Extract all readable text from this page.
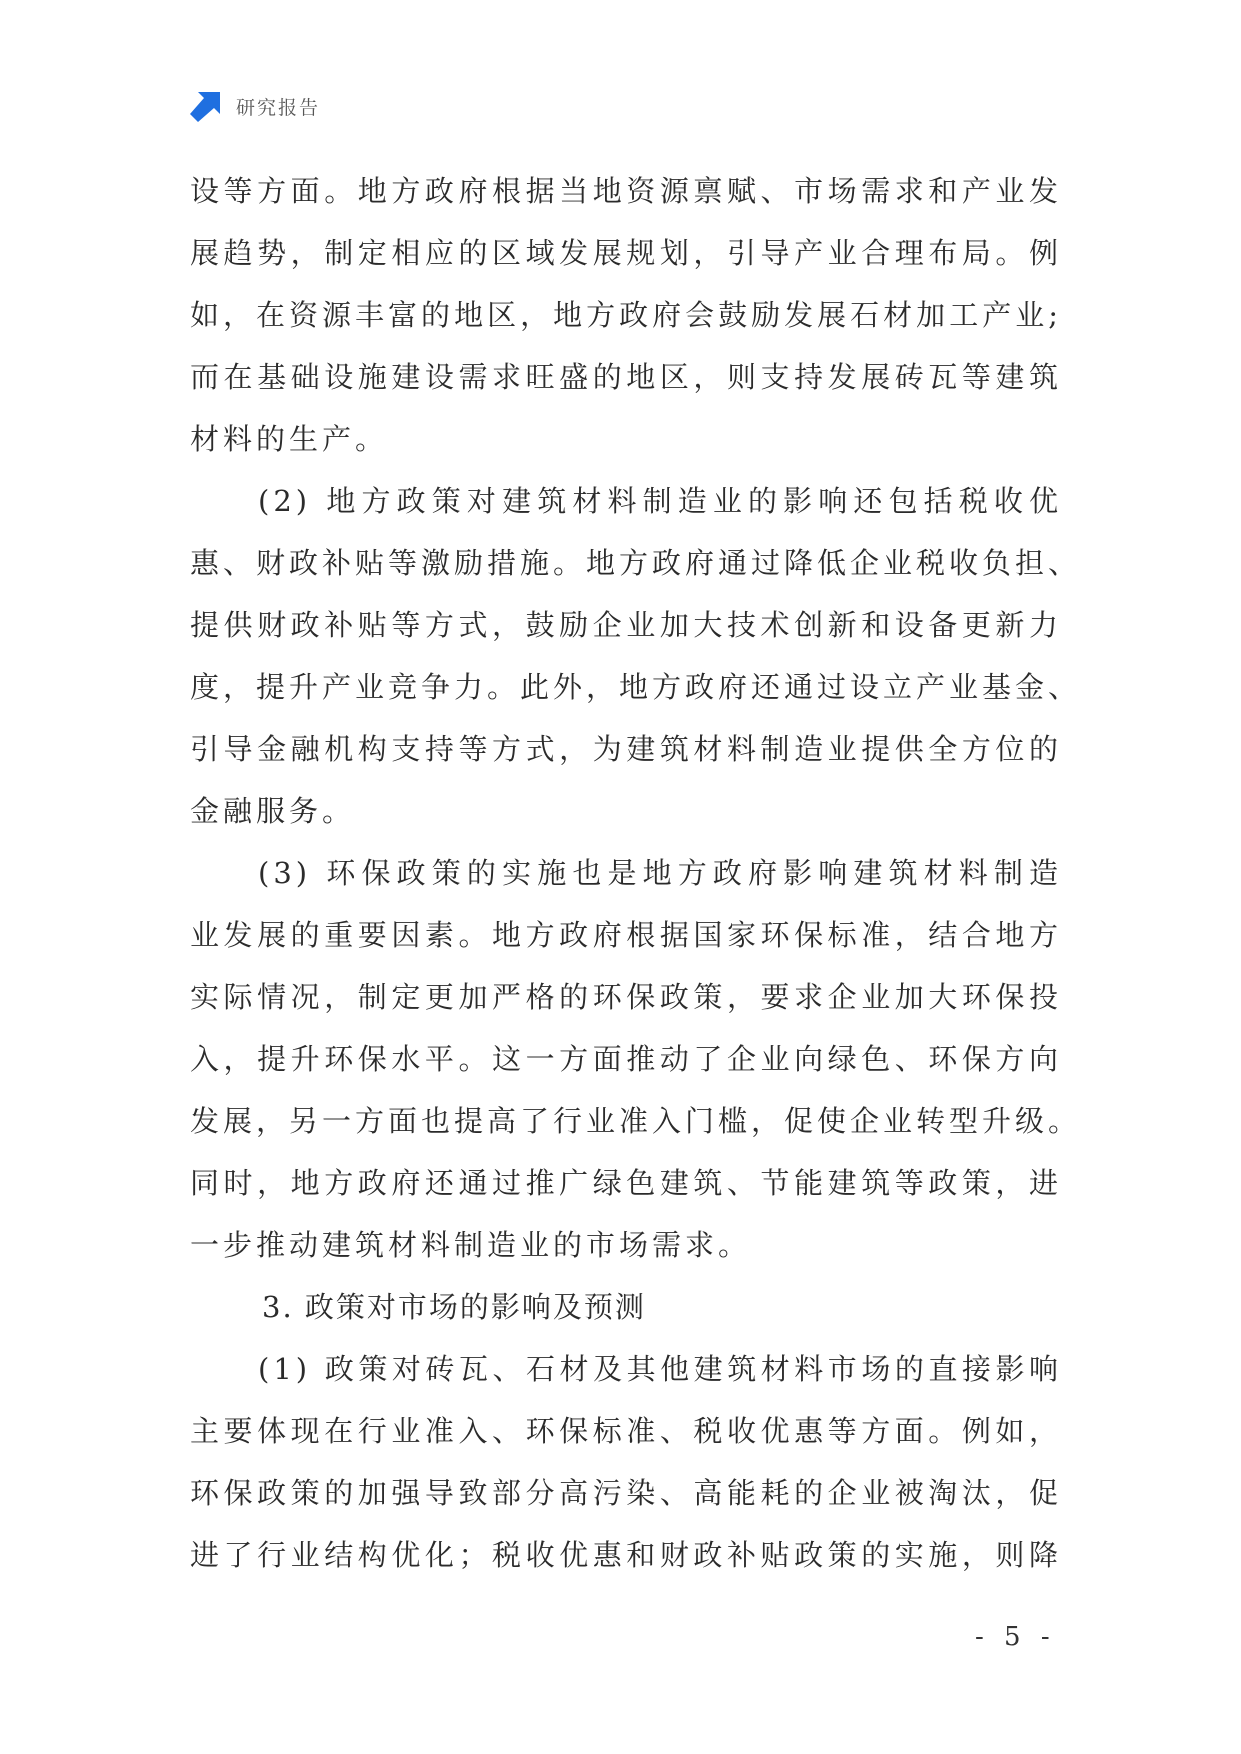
研究报告
设等方面。地方政府根据当地资源禀赋、市场需求和产业发
展趋势，制定相应的区域发展规划，引导产业合理布局。例
如，在资源丰富的地区，地方政府会鼓励发展石材加工产业;
而在基础设施建设需求旺盛的地区，则支持发展砖瓦等建筑
材料的生产。
(2) 地方政策对建筑材料制造业的影响还包括税收优
惠、财政补贴等激励措施。地方政府通过降低企业税收负担、
提供财政补贴等方式，鼓励企业加大技术创新和设备更新力
度，提升产业竞争力。此外，地方政府还通过设立产业基金、
引导金融机构支持等方式，为建筑材料制造业提供全方位的
金融服务。
(3) 环保政策的实施也是地方政府影响建筑材料制造
业发展的重要因素。地方政府根据国家环保标准，结合地方
实际情况，制定更加严格的环保政策，要求企业加大环保投
入，提升环保水平。这一方面推动了企业向绿色、环保方向
发展，另一方面也提高了行业准入门槛，促使企业转型升级。
同时，地方政府还通过推广绿色建筑、节能建筑等政策，进
一步推动建筑材料制造业的市场需求。
3. 政策对市场的影响及预测
(1) 政策对砖瓦、石材及其他建筑材料市场的直接影响
主要体现在行业准入、环保标准、税收优惠等方面。例如，
环保政策的加强导致部分高污染、高能耗的企业被淘汰，促
进了行业结构优化；税收优惠和财政补贴政策的实施，则降
- 5 -
